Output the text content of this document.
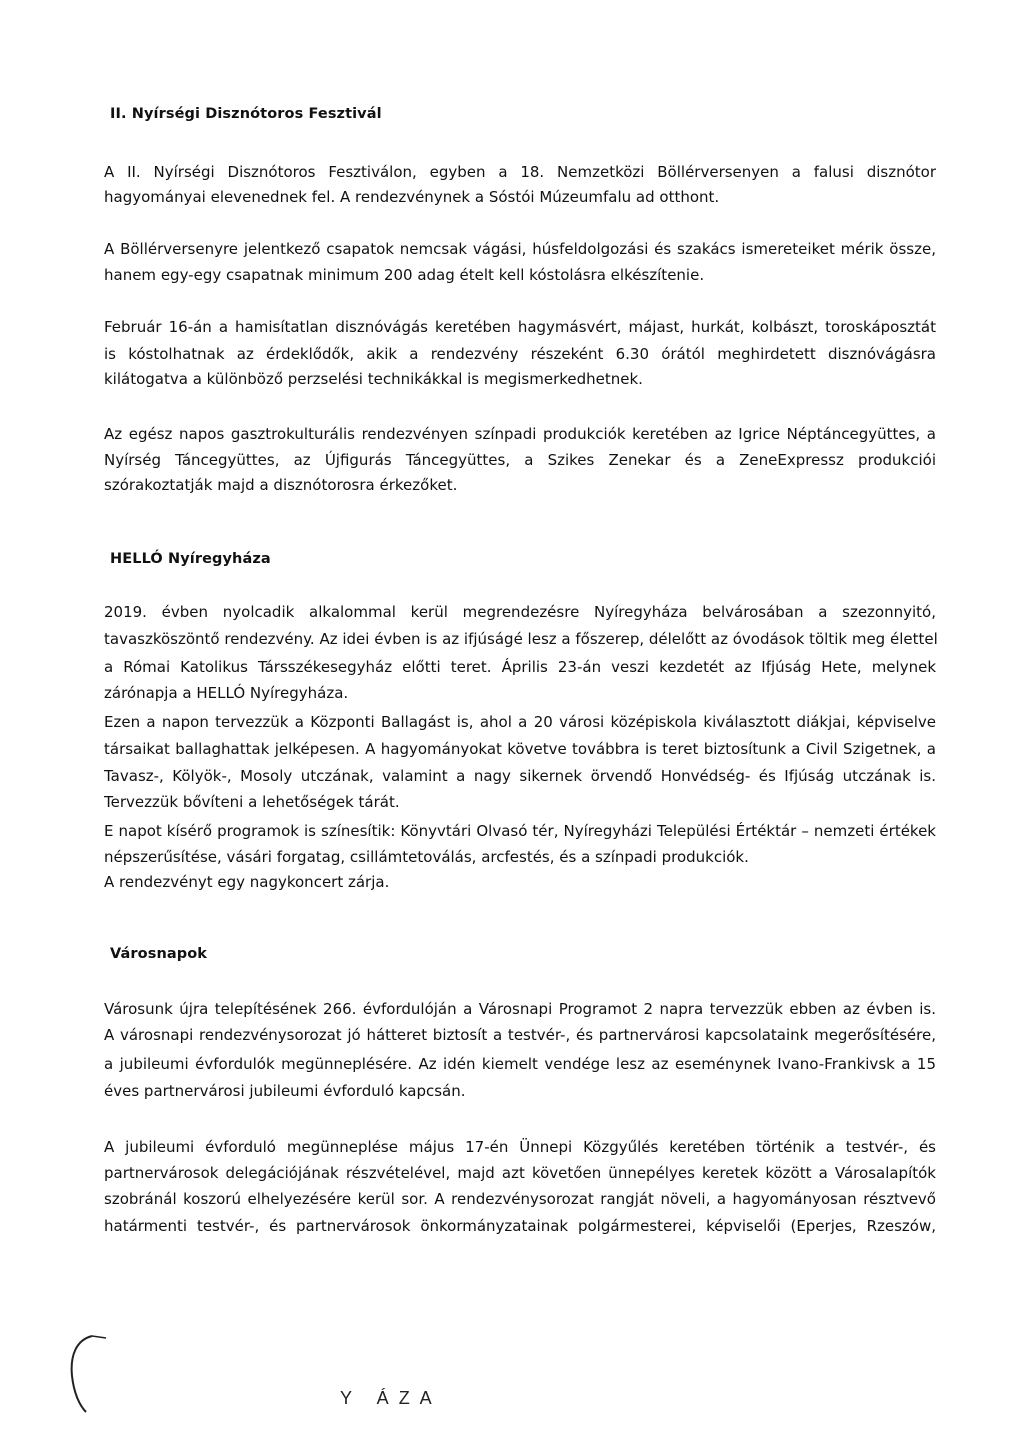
II. Nyírségi Disznótoros Fesztivál
A II. Nyírségi Disznótoros Fesztiválon, egyben a 18. Nemzetközi Böllérversenyen a falusi disznótor
hagyományai elevenednek fel. A rendezvénynek a Sóstói Múzeumfalu ad otthont.
A Böllérversenyre jelentkező csapatok nemcsak vágási, húsfeldolgozási és szakács ismereteiket mérik össze,
hanem egy-egy csapatnak minimum 200 adag ételt kell kóstolásra elkészítenie.
Február 16-án a hamisítatlan disznóvágás keretében hagymásvért, májast, hurkát, kolbászt, toroskáposztát
is kóstolhatnak az érdeklődők, akik a rendezvény részeként 6.30 órától meghirdetett disznóvágásra
kilátogatva a különböző perzselési technikákkal is megismerkedhetnek.
Az egész napos gasztrokulturális rendezvényen színpadi produkciók keretében az Igrice Néptáncegyüttes, a
Nyírség Táncegyüttes, az Újfigurás Táncegyüttes, a Szikes Zenekar és a ZeneExpressz produkciói
szórakoztatják majd a disznótorosra érkezőket.
HELLÓ Nyíregyháza
2019. évben nyolcadik alkalommal kerül megrendezésre Nyíregyháza belvárosában a szezonnyitó,
tavaszköszöntő rendezvény. Az idei évben is az ifjúságé lesz a főszerep, délelőtt az óvodások töltik meg élettel
a Római Katolikus Társszékesegyház előtti teret. Április 23-án veszi kezdetét az Ifjúság Hete, melynek
zárónapja a HELLÓ Nyíregyháza.
Ezen a napon tervezzük a Központi Ballagást is, ahol a 20 városi középiskola kiválasztott diákjai, képviselve
társaikat ballaghattak jelképesen. A hagyományokat követve továbbra is teret biztosítunk a Civil Szigetnek, a
Tavasz-, Kölyök-, Mosoly utczának, valamint a nagy sikernek örvendő Honvédség- és Ifjúság utczának is.
Tervezzük bővíteni a lehetőségek tárát.
E napot kísérő programok is színesítik: Könyvtári Olvasó tér, Nyíregyházi Települési Értéktár – nemzeti értékek
népszerűsítése, vásári forgatag, csillámtetoválás, arcfestés, és a színpadi produkciók.
A rendezvényt egy nagykoncert zárja.
Városnapok
Városunk újra telepítésének 266. évfordulóján a Városnapi Programot 2 napra tervezzük ebben az évben is.
A városnapi rendezvénysorozat jó hátteret biztosít a testvér-, és partnervárosi kapcsolataink megerősítésére,
a jubileumi évfordulók megünneplésére. Az idén kiemelt vendége lesz az eseménynek Ivano-Frankivsk a 15
éves partnervárosi jubileumi évforduló kapcsán.
A jubileumi évforduló megünneplése május 17-én Ünnepi Közgyűlés keretében történik a testvér-, és
partnervárosok delegációjának részvételével, majd azt követően ünnepélyes keretek között a Városalapítók
szobránál koszorú elhelyezésére kerül sor. A rendezvénysorozat rangját növeli, a hagyományosan résztvevő
határmenti testvér-, és partnervárosok önkormányzatainak polgármesterei, képviselői (Eperjes, Rzeszów,
Y ÁZA
